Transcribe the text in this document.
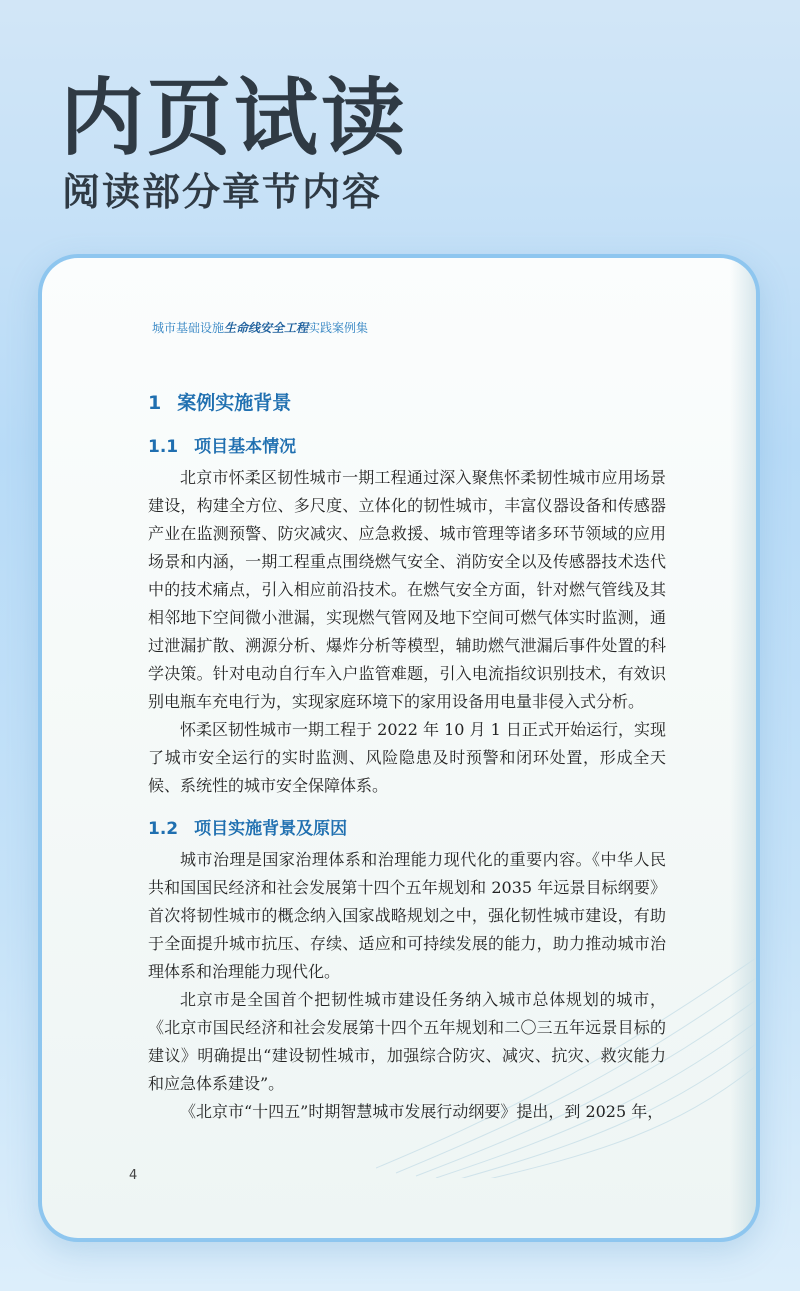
内页试读
阅读部分章节内容
城市基础设施生命线安全工程实践案例集
1 案例实施背景
1.1 项目基本情况

北京市怀柔区韧性城市一期工程通过深入聚焦怀柔韧性城市应用场景建设，构建全方位、多尺度、立体化的韧性城市，丰富仪器设备和传感器产业在监测预警、防灾减灾、应急救援、城市管理等诸多环节领域的应用场景和内涵，一期工程重点围绕燃气安全、消防安全以及传感器技术迭代中的技术痛点，引入相应前沿技术。在燃气安全方面，针对燃气管线及其相邻地下空间微小泄漏，实现燃气管网及地下空间可燃气体实时监测，通过泄漏扩散、溯源分析、爆炸分析等模型，辅助燃气泄漏后事件处置的科学决策。针对电动自行车入户监管难题，引入电流指纹识别技术，有效识别电瓶车充电行为，实现家庭环境下的家用设备用电量非侵入式分析。

怀柔区韧性城市一期工程于 2022 年 10 月 1 日正式开始运行，实现了城市安全运行的实时监测、风险隐患及时预警和闭环处置，形成全天候、系统性的城市安全保障体系。

1.2 项目实施背景及原因

城市治理是国家治理体系和治理能力现代化的重要内容。《中华人民共和国国民经济和社会发展第十四个五年规划和 2035 年远景目标纲要》首次将韧性城市的概念纳入国家战略规划之中，强化韧性城市建设，有助于全面提升城市抗压、存续、适应和可持续发展的能力，助力推动城市治理体系和治理能力现代化。

北京市是全国首个把韧性城市建设任务纳入城市总体规划的城市，《北京市国民经济和社会发展第十四个五年规划和二〇三五年远景目标的建议》明确提出“建设韧性城市，加强综合防灾、减灾、抗灾、救灾能力和应急体系建设”。

《北京市“十四五”时期智慧城市发展行动纲要》提出，到 2025 年，

4
